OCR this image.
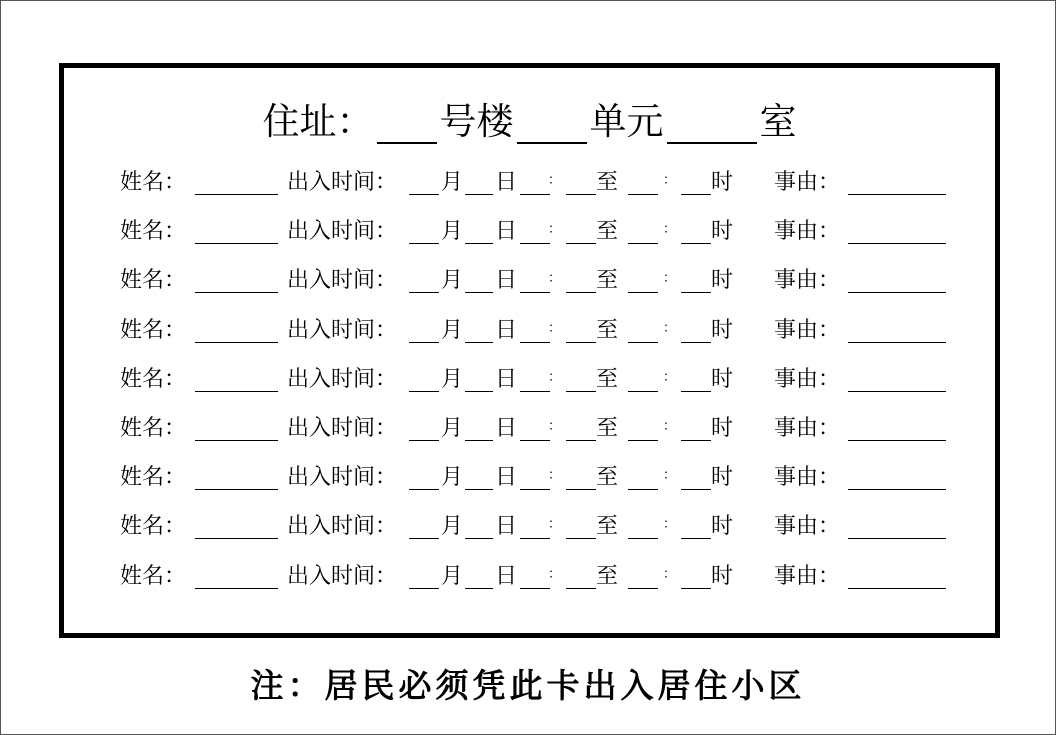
住址： 号楼 单元	室
姓名：	出入时间： 月 日 ： 至	： 时 事由：
姓名：	出入时间： 月 日 ： 至	： 时 事由：
姓名：	出入时间： 月 日 ： 至	： 时 事由：
姓名：	出入时间： 月 日 ： 至	： 时 事由：
姓名：	出入时间： 月 日 ： 至	： 时 事由：
姓名：	出入时间： 月 日 ： 至	： 时 事由：
姓名：	出入时间： 月 日 ： 至	： 时 事由：
姓名：	出入时间： 月 日 ： 至	： 时 事由：
姓名：	出入时间： 月 日 ： 至	： 时 事由：
注：居民必须凭此卡出入居住小区
